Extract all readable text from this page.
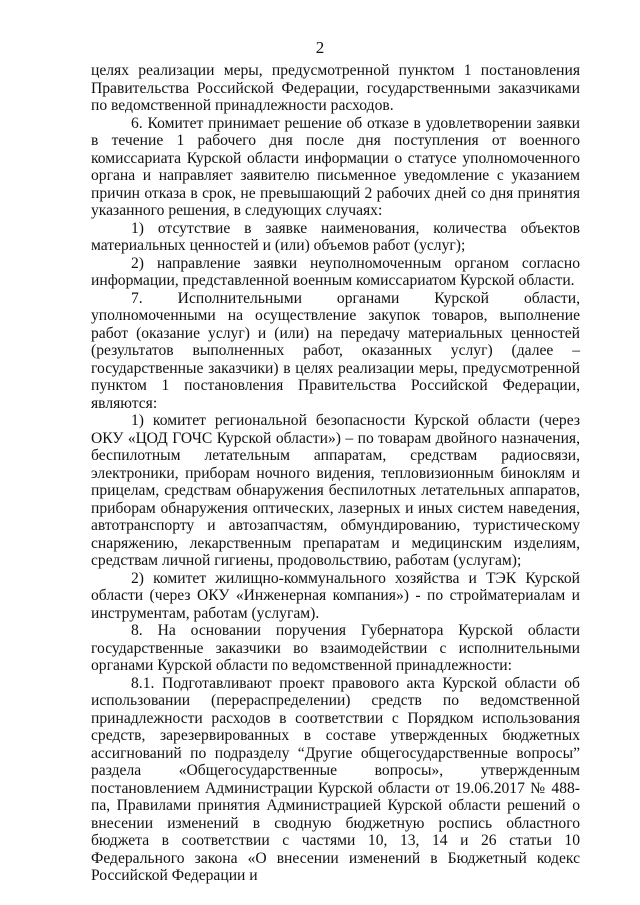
2

целях реализации меры, предусмотренной пунктом 1 постановления Правительства Российской Федерации, государственными заказчиками по ведомственной принадлежности расходов.

6. Комитет принимает решение об отказе в удовлетворении заявки в течение 1 рабочего дня после дня поступления от военного комиссариата Курской области информации о статусе уполномоченного органа и направляет заявителю письменное уведомление с указанием причин отказа в срок, не превышающий 2 рабочих дней со дня принятия указанного решения, в следующих случаях:

1) отсутствие в заявке наименования, количества объектов материальных ценностей и (или) объемов работ (услуг);

2) направление заявки неуполномоченным органом согласно информации, представленной военным комиссариатом Курской области.

7. Исполнительными органами Курской области, уполномоченными на осуществление закупок товаров, выполнение работ (оказание услуг) и (или) на передачу материальных ценностей (результатов выполненных работ, оказанных услуг) (далее – государственные заказчики) в целях реализации меры, предусмотренной пунктом 1 постановления Правительства Российской Федерации, являются:

1) комитет региональной безопасности Курской области (через ОКУ «ЦОД ГОЧС Курской области») – по товарам двойного назначения, беспилотным летательным аппаратам, средствам радиосвязи, электроники, приборам ночного видения, тепловизионным биноклям и прицелам, средствам обнаружения беспилотных летательных аппаратов, приборам обнаружения оптических, лазерных и иных систем наведения, автотранспорту и автозапчастям, обмундированию, туристическому снаряжению, лекарственным препаратам и медицинским изделиям, средствам личной гигиены, продовольствию, работам (услугам);

2) комитет жилищно-коммунального хозяйства и ТЭК Курской области (через ОКУ «Инженерная компания») - по стройматериалам и инструментам, работам (услугам).

8. На основании поручения Губернатора Курской области государственные заказчики во взаимодействии с исполнительными органами Курской области по ведомственной принадлежности:

8.1. Подготавливают проект правового акта Курской области об использовании (перераспределении) средств по ведомственной принадлежности расходов в соответствии с Порядком использования средств, зарезервированных в составе утвержденных бюджетных ассигнований по подразделу “Другие общегосударственные вопросы” раздела «Общегосударственные вопросы», утвержденным постановлением Администрации Курской области от 19.06.2017 № 488-па, Правилами принятия Администрацией Курской области решений о внесении изменений в сводную бюджетную роспись областного бюджета в соответствии с частями 10, 13, 14 и 26 статьи 10 Федерального закона «О внесении изменений в Бюджетный кодекс Российской Федерации и
